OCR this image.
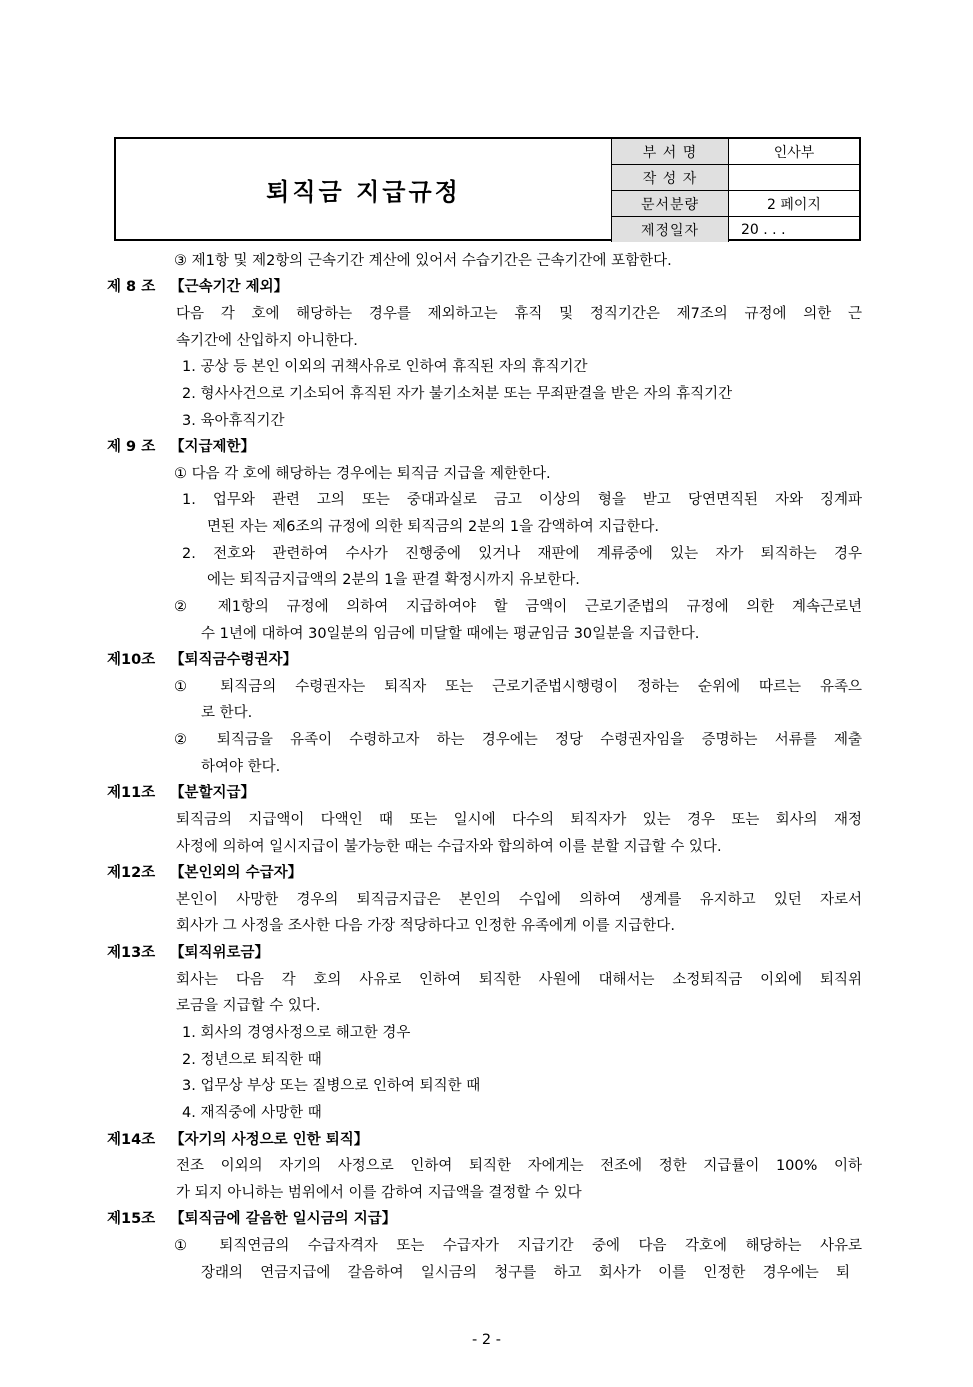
퇴직금 지급규정
부 서 명	인사부
작 성 자	
문서분량	2 페이지
제정일자	20 . . .
③ 제1항 및 제2항의 근속기간 계산에 있어서 수습기간은 근속기간에 포함한다.
제 8 조 【근속기간 제외】
다음 각 호에 해당하는 경우를 제외하고는 휴직 및 정직기간은 제7조의 규정에 의한 근
속기간에 산입하지 아니한다.
1. 공상 등 본인 이외의 귀책사유로 인하여 휴직된 자의 휴직기간
2. 형사사건으로 기소되어 휴직된 자가 불기소처분 또는 무죄판결을 받은 자의 휴직기간
3. 육아휴직기간
제 9 조 【지급제한】
① 다음 각 호에 해당하는 경우에는 퇴직금 지급을 제한한다.
1. 업무와 관련 고의 또는 중대과실로 금고 이상의 형을 받고 당연면직된 자와 징계파
면된 자는 제6조의 규정에 의한 퇴직금의 2분의 1을 감액하여 지급한다.
2. 전호와 관련하여 수사가 진행중에 있거나 재판에 계류중에 있는 자가 퇴직하는 경우
에는 퇴직금지급액의 2분의 1을 판결 확정시까지 유보한다.
② 제1항의 규정에 의하여 지급하여야 할 금액이 근로기준법의 규정에 의한 계속근로년
수 1년에 대하여 30일분의 임금에 미달할 때에는 평균임금 30일분을 지급한다.
제10조 【퇴직금수령권자】
① 퇴직금의 수령권자는 퇴직자 또는 근로기준법시행령이 정하는 순위에 따르는 유족으
로 한다.
② 퇴직금을 유족이 수령하고자 하는 경우에는 정당 수령권자임을 증명하는 서류를 제출
하여야 한다.
제11조 【분할지급】
퇴직금의 지급액이 다액인 때 또는 일시에 다수의 퇴직자가 있는 경우 또는 회사의 재정
사정에 의하여 일시지급이 불가능한 때는 수급자와 합의하여 이를 분할 지급할 수 있다.
제12조 【본인외의 수급자】
본인이 사망한 경우의 퇴직금지급은 본인의 수입에 의하여 생계를 유지하고 있던 자로서
회사가 그 사정을 조사한 다음 가장 적당하다고 인정한 유족에게 이를 지급한다.
제13조 【퇴직위로금】
회사는 다음 각 호의 사유로 인하여 퇴직한 사원에 대해서는 소정퇴직금 이외에 퇴직위
로금을 지급할 수 있다.
1. 회사의 경영사정으로 해고한 경우
2. 정년으로 퇴직한 때
3. 업무상 부상 또는 질병으로 인하여 퇴직한 때
4. 재직중에 사망한 때
제14조 【자기의 사정으로 인한 퇴직】
전조 이외의 자기의 사정으로 인하여 퇴직한 자에게는 전조에 정한 지급률이 100% 이하
가 되지 아니하는 범위에서 이를 감하여 지급액을 결정할 수 있다
제15조 【퇴직금에 갈음한 일시금의 지급】
① 퇴직연금의 수급자격자 또는 수급자가 지급기간 중에 다음 각호에 해당하는 사유로
장래의 연금지급에 갈음하여 일시금의 청구를 하고 회사가 이를 인정한 경우에는 퇴
- 2 -
